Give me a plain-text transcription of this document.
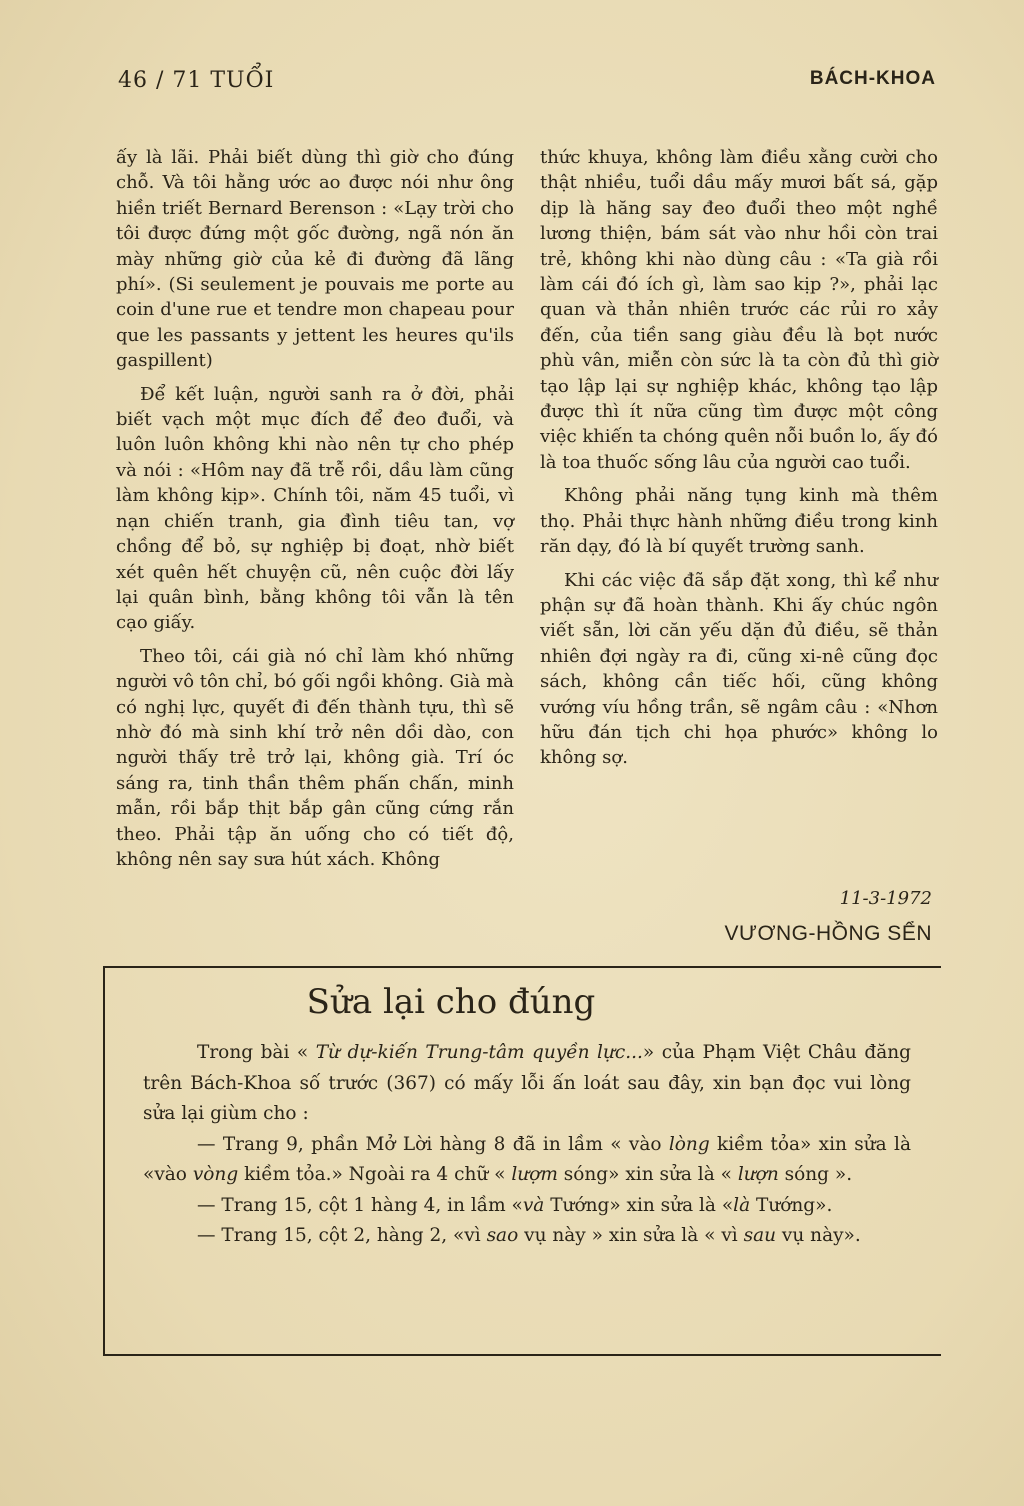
46 / 71 TUỔI	BÁCH-KHOA

ấy là lãi. Phải biết dùng thì giờ cho đúng chỗ. Và tôi hằng ước ao được nói như ông hiền triết Bernard Berenson : «Lạy trời cho tôi được đứng một gốc đường, ngã nón ăn mày những giờ của kẻ đi đường đã lãng phí». (Si seulement je pouvais me porte au coin d'une rue et tendre mon chapeau pour que les passants y jettent les heures qu'ils gaspillent)

Để kết luận, người sanh ra ở đời, phải biết vạch một mục đích để đeo đuổi, và luôn luôn không khi nào nên tự cho phép và nói : «Hôm nay đã trễ rồi, dầu làm cũng làm không kịp». Chính tôi, năm 45 tuổi, vì nạn chiến tranh, gia đình tiêu tan, vợ chồng để bỏ, sự nghiệp bị đoạt, nhờ biết xét quên hết chuyện cũ, nên cuộc đời lấy lại quân bình, bằng không tôi vẫn là tên cạo giấy.

Theo tôi, cái già nó chỉ làm khó những người vô tôn chỉ, bó gối ngồi không. Già mà có nghị lực, quyết đi đến thành tựu, thì sẽ nhờ đó mà sinh khí trở nên dồi dào, con người thấy trẻ trở lại, không già. Trí óc sáng ra, tinh thần thêm phấn chấn, minh mẫn, rồi bắp thịt bắp gân cũng cứng rắn theo. Phải tập ăn uống cho có tiết độ, không nên say sưa hút xách. Không

thức khuya, không làm điều xằng cười cho thật nhiều, tuổi dầu mấy mươi bất sá, gặp dịp là hăng say đeo đuổi theo một nghề lương thiện, bám sát vào như hồi còn trai trẻ, không khi nào dùng câu : «Ta già rồi làm cái đó ích gì, làm sao kịp ?», phải lạc quan và thản nhiên trước các rủi ro xảy đến, của tiền sang giàu đều là bọt nước phù vân, miễn còn sức là ta còn đủ thì giờ tạo lập lại sự nghiệp khác, không tạo lập được thì ít nữa cũng tìm được một công việc khiến ta chóng quên nỗi buồn lo, ấy đó là toa thuốc sống lâu của người cao tuổi.

Không phải năng tụng kinh mà thêm thọ. Phải thực hành những điều trong kinh răn dạy, đó là bí quyết trường sanh.

Khi các việc đã sắp đặt xong, thì kể như phận sự đã hoàn thành. Khi ấy chúc ngôn viết sẵn, lời căn yếu dặn đủ điều, sẽ thản nhiên đợi ngày ra đi, cũng xi-nê cũng đọc sách, không cần tiếc hối, cũng không vướng víu hồng trần, sẽ ngâm câu : «Nhơn hữu đán tịch chi họa phước» không lo không sợ.

11-3-1972
VƯƠNG-HỒNG SỂN
Sửa lại cho đúng

Trong bài « Từ dự-kiến Trung-tâm quyền lực...» của Phạm Việt Châu đăng trên Bách-Khoa số trước (367) có mấy lỗi ấn loát sau đây, xin bạn đọc vui lòng sửa lại giùm cho :

— Trang 9, phần Mở Lời hàng 8 đã in lầm « vào lòng kiềm tỏa» xin sửa là «vào vòng kiềm tỏa.» Ngoài ra 4 chữ « lượm sóng» xin sửa là « lượn sóng ».

— Trang 15, cột 1 hàng 4, in lầm «và Tướng» xin sửa là «là Tướng».

— Trang 15, cột 2, hàng 2, «vì sao vụ này » xin sửa là « vì sau vụ này».
